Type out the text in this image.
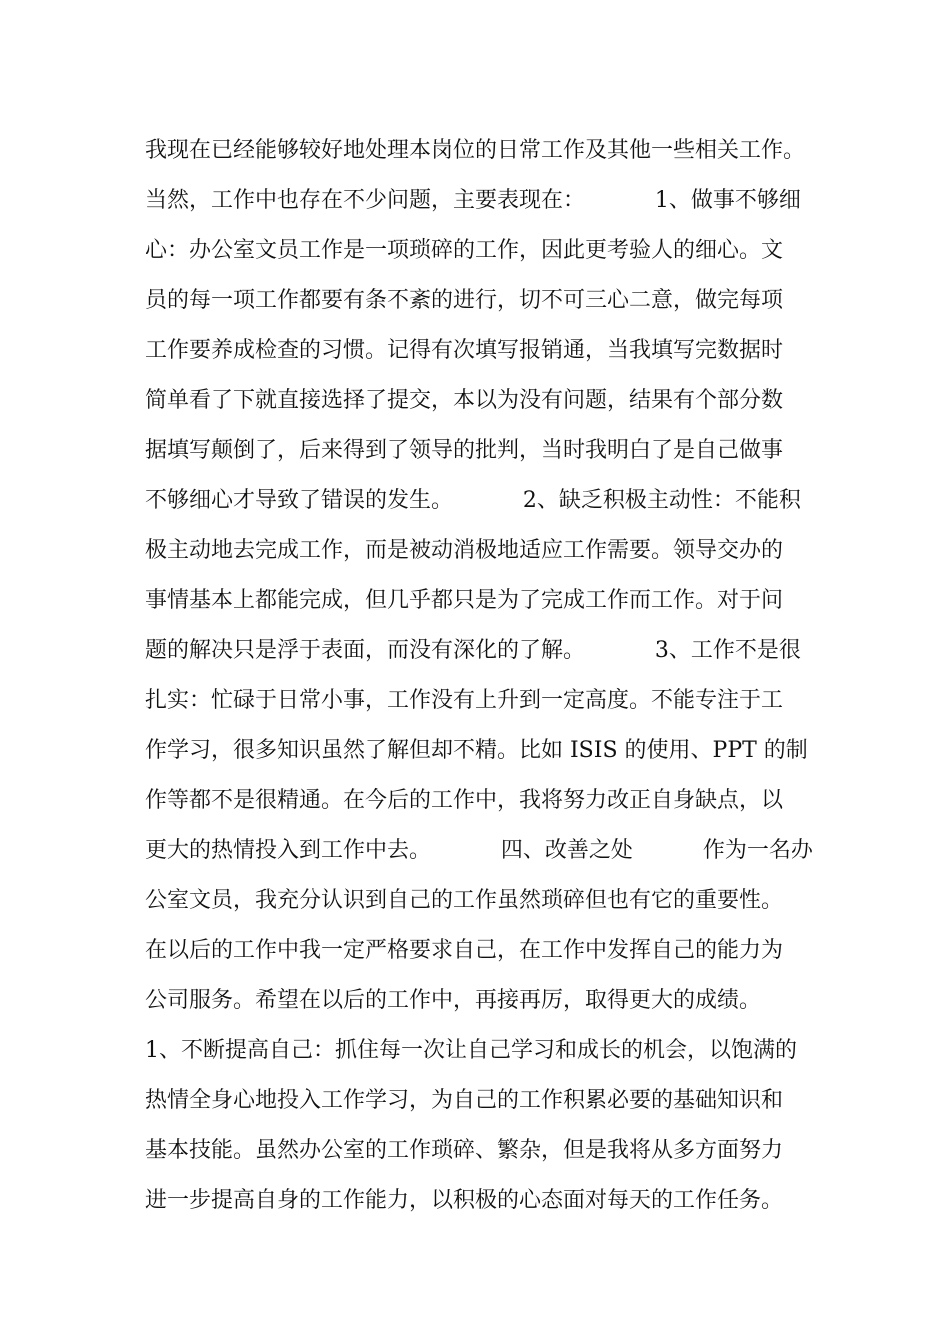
我现在已经能够较好地处理本岗位的日常工作及其他一些相关工作。
当然，工作中也存在不少问题，主要表现在：          1、做事不够细
心：办公室文员工作是一项琐碎的工作，因此更考验人的细心。文
员的每一项工作都要有条不紊的进行，切不可三心二意，做完每项
工作要养成检查的习惯。记得有次填写报销通，当我填写完数据时
简单看了下就直接选择了提交，本以为没有问题，结果有个部分数
据填写颠倒了，后来得到了领导的批判，当时我明白了是自己做事
不够细心才导致了错误的发生。          2、缺乏积极主动性：不能积
极主动地去完成工作，而是被动消极地适应工作需要。领导交办的
事情基本上都能完成，但几乎都只是为了完成工作而工作。对于问
题的解决只是浮于表面，而没有深化的了解。          3、工作不是很
扎实：忙碌于日常小事，工作没有上升到一定高度。不能专注于工
作学习，很多知识虽然了解但却不精。比如 ISIS 的使用、PPT 的制
作等都不是很精通。在今后的工作中，我将努力改正自身缺点，以
更大的热情投入到工作中去。          四、改善之处          作为一名办
公室文员，我充分认识到自己的工作虽然琐碎但也有它的重要性。
在以后的工作中我一定严格要求自己，在工作中发挥自己的能力为
公司服务。希望在以后的工作中，再接再厉，取得更大的成绩。
1、不断提高自己：抓住每一次让自己学习和成长的机会，以饱满的
热情全身心地投入工作学习，为自己的工作积累必要的基础知识和
基本技能。虽然办公室的工作琐碎、繁杂，但是我将从多方面努力
进一步提高自身的工作能力，以积极的心态面对每天的工作任务。
